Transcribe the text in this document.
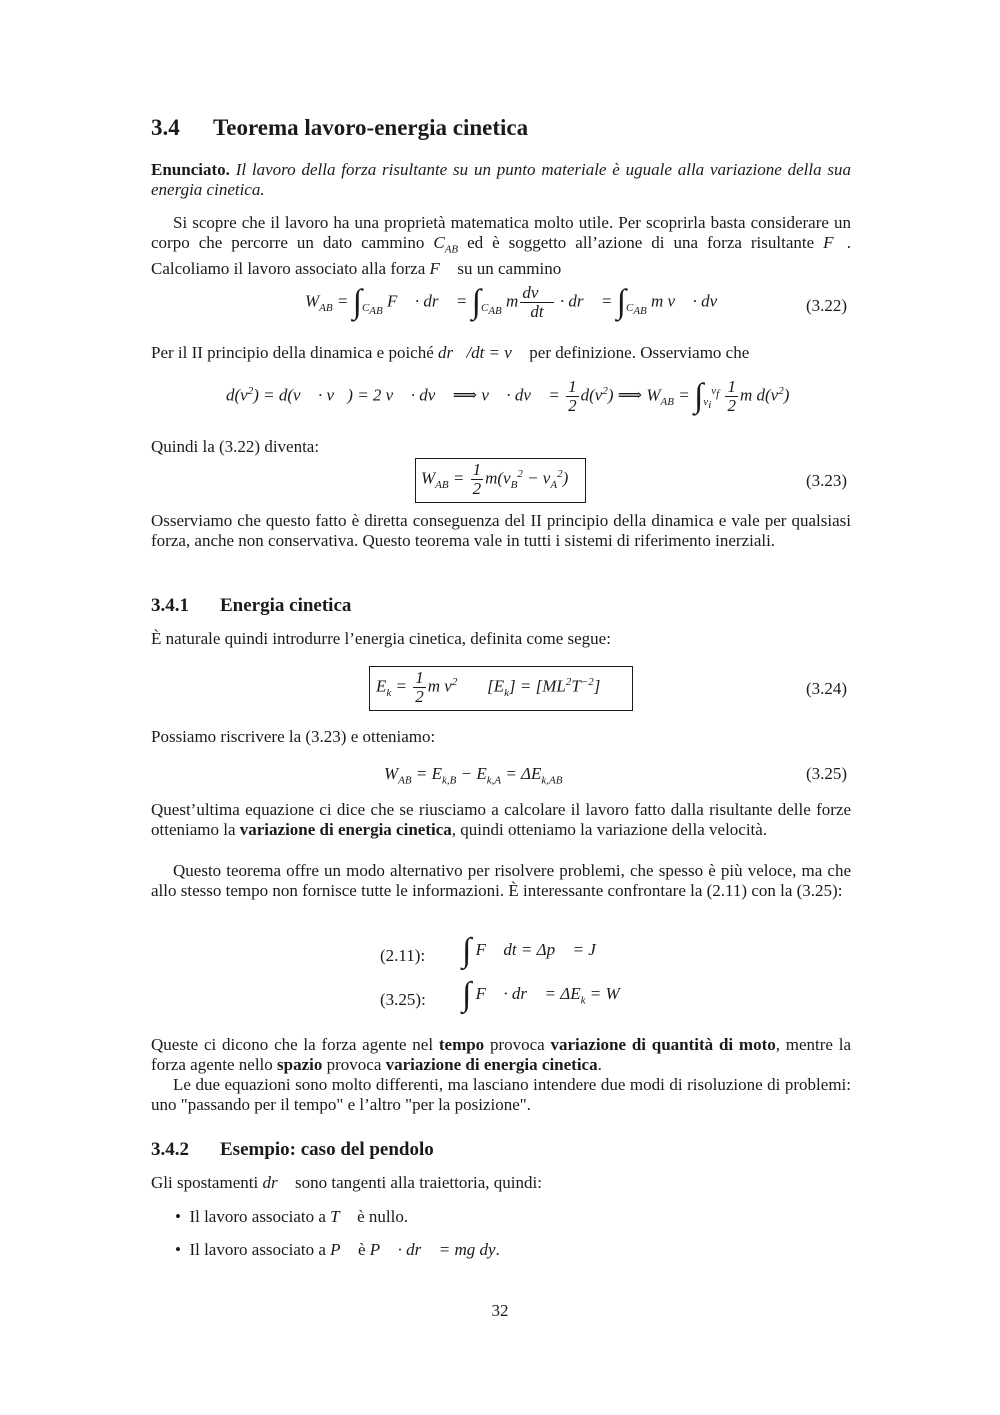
3.4 Teorema lavoro-energia cinetica
Enunciato. Il lavoro della forza risultante su un punto materiale è uguale alla variazione della sua energia cinetica.
Si scopre che il lavoro ha una proprietà matematica molto utile. Per scoprirla basta considerare un corpo che percorre un dato cammino $C_{AB}$ ed è soggetto all’azione di una forza risultante F⃗. Calcoliamo il lavoro associato alla forza F⃗ su un cammino
$W_{AB} = \int_{C_{AB}}$ F⃗ · dr⃗ = $\int_{C_{AB}}$ m $\frac{dv⃗}{dt}$ · dr⃗ = $\int_{C_{AB}}$ m v⃗ · dv⃗	(3.22)
Per il II principio della dinamica e poiché dr⃗/dt = v⃗ per definizione. Osserviamo che
$d(v^2)$ = d(v⃗ · v⃗) = 2 v⃗ · dv⃗ ⟹ v⃗ · dv⃗ = $\frac{1}{2} d(v^2)$ ⟹ $W_{AB} = \int_{v_i}^{v_f} \frac{1}{2}$ m $d(v^2)$
Quindi la (3.22) diventa:
$W_{AB} = \frac{1}{2} m(v_B^2 - v_A^2)$	(3.23)
Osserviamo che questo fatto è diretta conseguenza del II principio della dinamica e vale per qualsiasi forza, anche non conservativa. Questo teorema vale in tutti i sistemi di riferimento inerziali.
3.4.1 Energia cinetica
È naturale quindi introdurre l’energia cinetica, definita come segue:
$E_k = \frac{1}{2}$ m $v^2$       $[E_k] = [ML^2T^{-2}]$	(3.24)
Possiamo riscrivere la (3.23) e otteniamo:
$W_{AB} = E_{k,B} - E_{k,A} = \Delta E_{k,AB}$	(3.25)
Quest’ultima equazione ci dice che se riusciamo a calcolare il lavoro fatto dalla risultante delle forze otteniamo la variazione di energia cinetica, quindi otteniamo la variazione della velocità.
Questo teorema offre un modo alternativo per risolvere problemi, che spesso è più veloce, ma che allo stesso tempo non fornisce tutte le informazioni. È interessante confrontare la (2.11) con la (3.25):
(2.11): ∫ F⃗ dt = Δp⃗ = J⃗
(3.25): ∫ F⃗ · dr⃗ = $\Delta E_k = W$
Queste ci dicono che la forza agente nel tempo provoca variazione di quantità di moto, mentre la forza agente nello spazio provoca variazione di energia cinetica.
Le due equazioni sono molto differenti, ma lasciano intendere due modi di risoluzione di problemi: uno "passando per il tempo" e l’altro "per la posizione".
3.4.2 Esempio: caso del pendolo
Gli spostamenti dr⃗ sono tangenti alla traiettoria, quindi:
• Il lavoro associato a T⃗ è nullo.
• Il lavoro associato a P⃗ è P⃗ · dr⃗ = mg dy.
32
